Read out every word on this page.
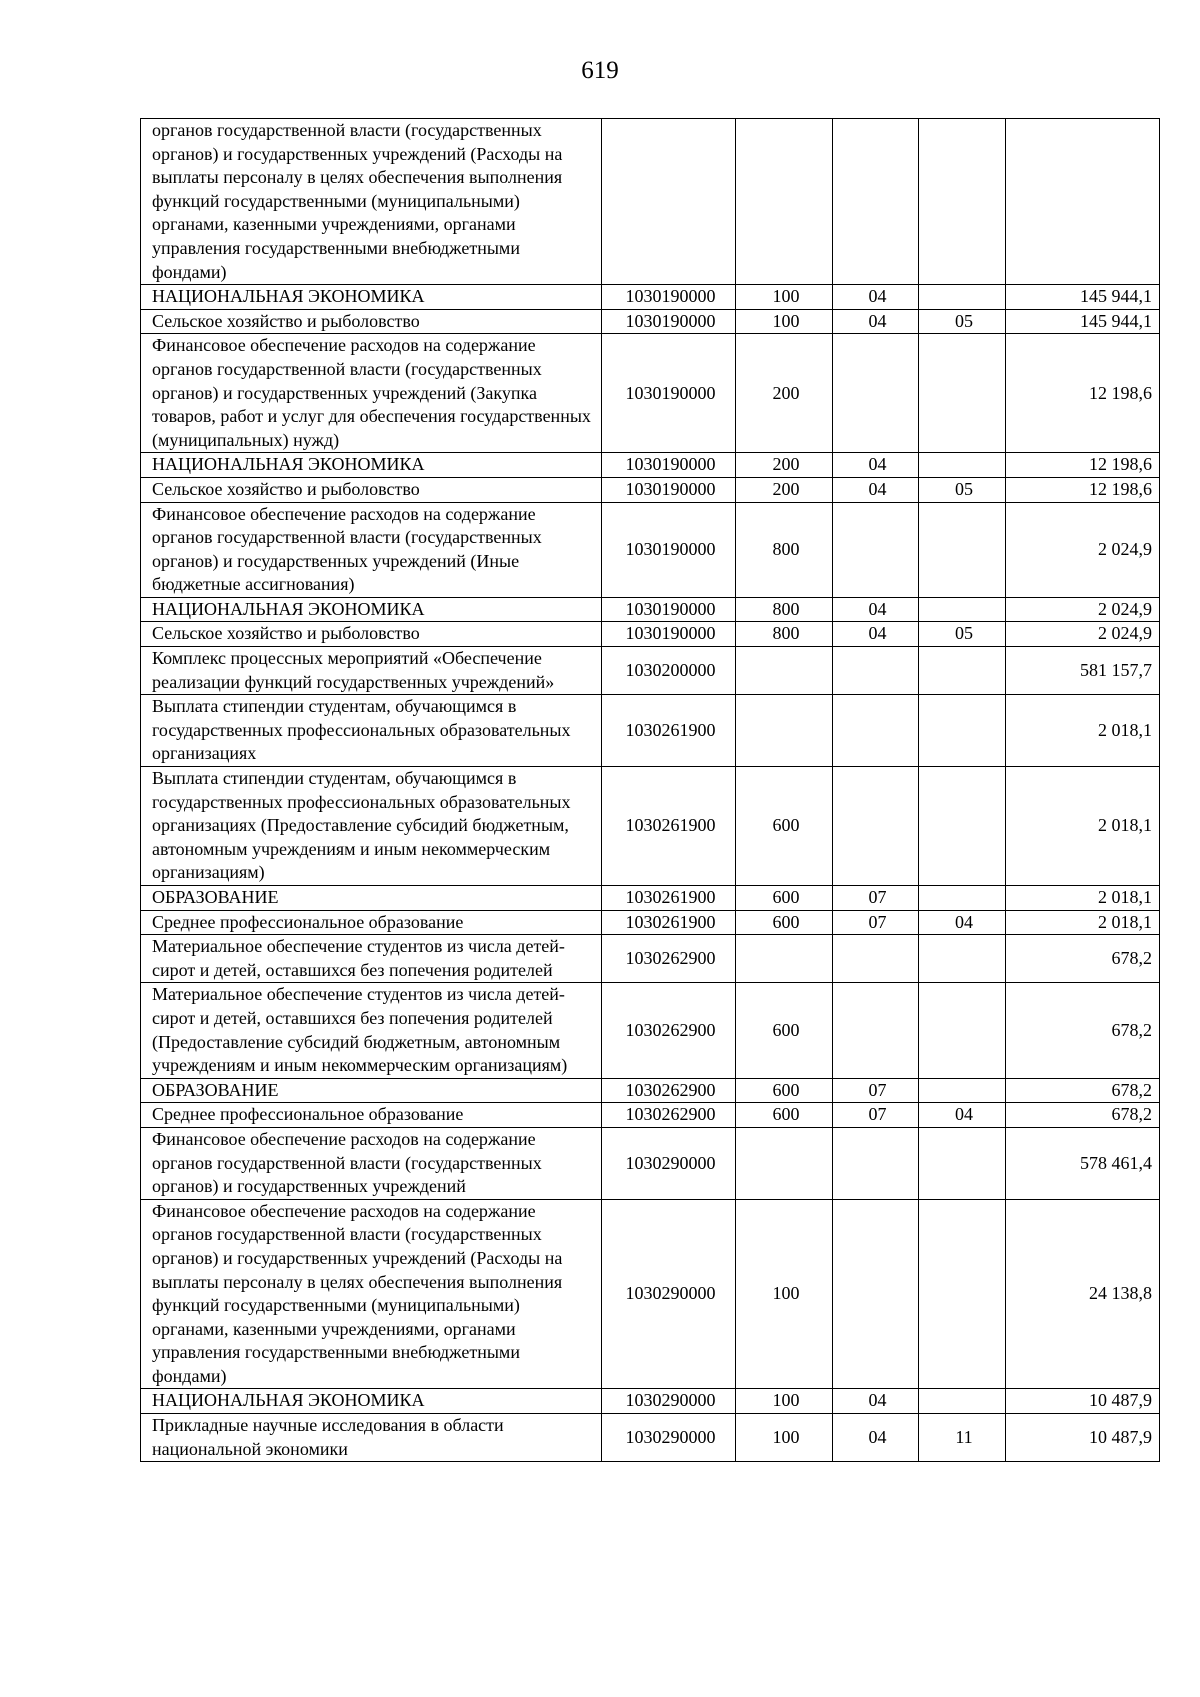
619
органов государственной власти (государственных органов) и государственных учреждений (Расходы на выплаты персоналу в целях обеспечения выполнения функций государственными (муниципальными) органами, казенными учреждениями, органами управления государственными внебюджетными фондами)					
НАЦИОНАЛЬНАЯ ЭКОНОМИКА	1030190000	100	04		145 944,1
Сельское хозяйство и рыболовство	1030190000	100	04	05	145 944,1
Финансовое обеспечение расходов на содержание органов государственной власти (государственных органов) и государственных учреждений (Закупка товаров, работ и услуг для обеспечения государственных (муниципальных) нужд)	1030190000	200			12 198,6
НАЦИОНАЛЬНАЯ ЭКОНОМИКА	1030190000	200	04		12 198,6
Сельское хозяйство и рыболовство	1030190000	200	04	05	12 198,6
Финансовое обеспечение расходов на содержание органов государственной власти (государственных органов) и государственных учреждений (Иные бюджетные ассигнования)	1030190000	800			2 024,9
НАЦИОНАЛЬНАЯ ЭКОНОМИКА	1030190000	800	04		2 024,9
Сельское хозяйство и рыболовство	1030190000	800	04	05	2 024,9
Комплекс процессных мероприятий «Обеспечение реализации функций государственных учреждений»	1030200000				581 157,7
Выплата стипендии студентам, обучающимся в государственных профессиональных образовательных организациях	1030261900				2 018,1
Выплата стипендии студентам, обучающимся в государственных профессиональных образовательных организациях (Предоставление субсидий бюджетным, автономным учреждениям и иным некоммерческим организациям)	1030261900	600			2 018,1
ОБРАЗОВАНИЕ	1030261900	600	07		2 018,1
Среднее профессиональное образование	1030261900	600	07	04	2 018,1
Материальное обеспечение студентов из числа детей-сирот и детей, оставшихся без попечения родителей	1030262900				678,2
Материальное обеспечение студентов из числа детей-сирот и детей, оставшихся без попечения родителей (Предоставление субсидий бюджетным, автономным учреждениям и иным некоммерческим организациям)	1030262900	600			678,2
ОБРАЗОВАНИЕ	1030262900	600	07		678,2
Среднее профессиональное образование	1030262900	600	07	04	678,2
Финансовое обеспечение расходов на содержание органов государственной власти (государственных органов) и государственных учреждений	1030290000				578 461,4
Финансовое обеспечение расходов на содержание органов государственной власти (государственных органов) и государственных учреждений (Расходы на выплаты персоналу в целях обеспечения выполнения функций государственными (муниципальными) органами, казенными учреждениями, органами управления государственными внебюджетными фондами)	1030290000	100			24 138,8
НАЦИОНАЛЬНАЯ ЭКОНОМИКА	1030290000	100	04		10 487,9
Прикладные научные исследования в области национальной экономики	1030290000	100	04	11	10 487,9
